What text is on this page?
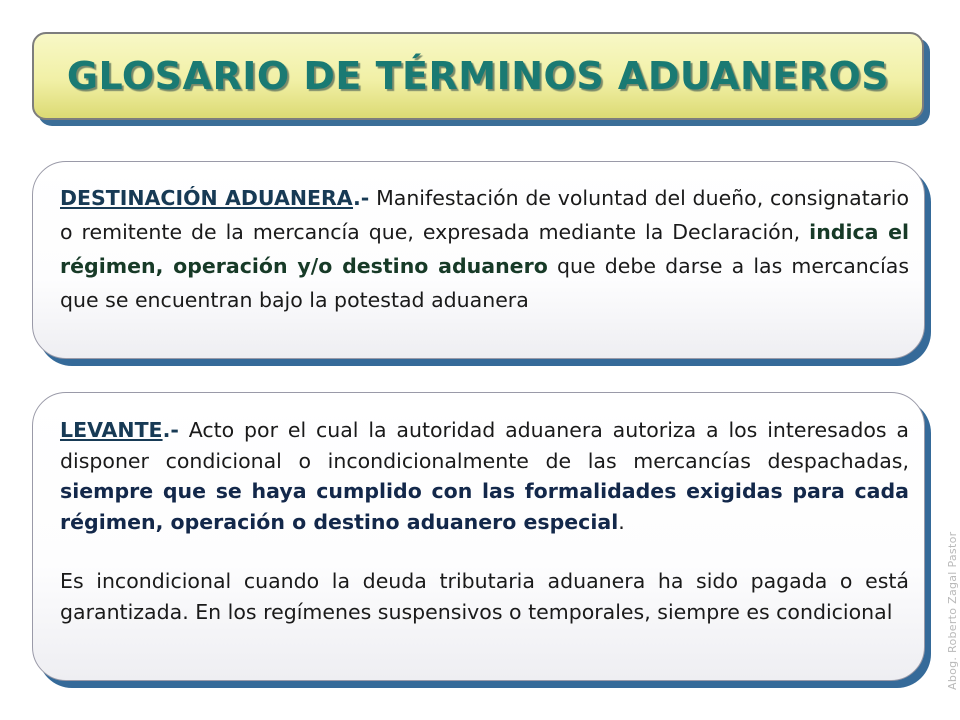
GLOSARIO DE TÉRMINOS ADUANEROS

DESTINACIÓN ADUANERA.- Manifestación de voluntad del dueño, consignatario o remitente de la mercancía que, expresada mediante la Declaración, indica el régimen, operación y/o destino aduanero que debe darse a las mercancías que se encuentran bajo la potestad aduanera

LEVANTE.- Acto por el cual la autoridad aduanera autoriza a los interesados a disponer condicional o incondicionalmente de las mercancías despachadas, siempre que se haya cumplido con las formalidades exigidas para cada régimen, operación o destino aduanero especial.

Es incondicional cuando la deuda tributaria aduanera ha sido pagada o está garantizada. En los regímenes suspensivos o temporales, siempre es condicional	Abog. Roberto Zagal Pastor
